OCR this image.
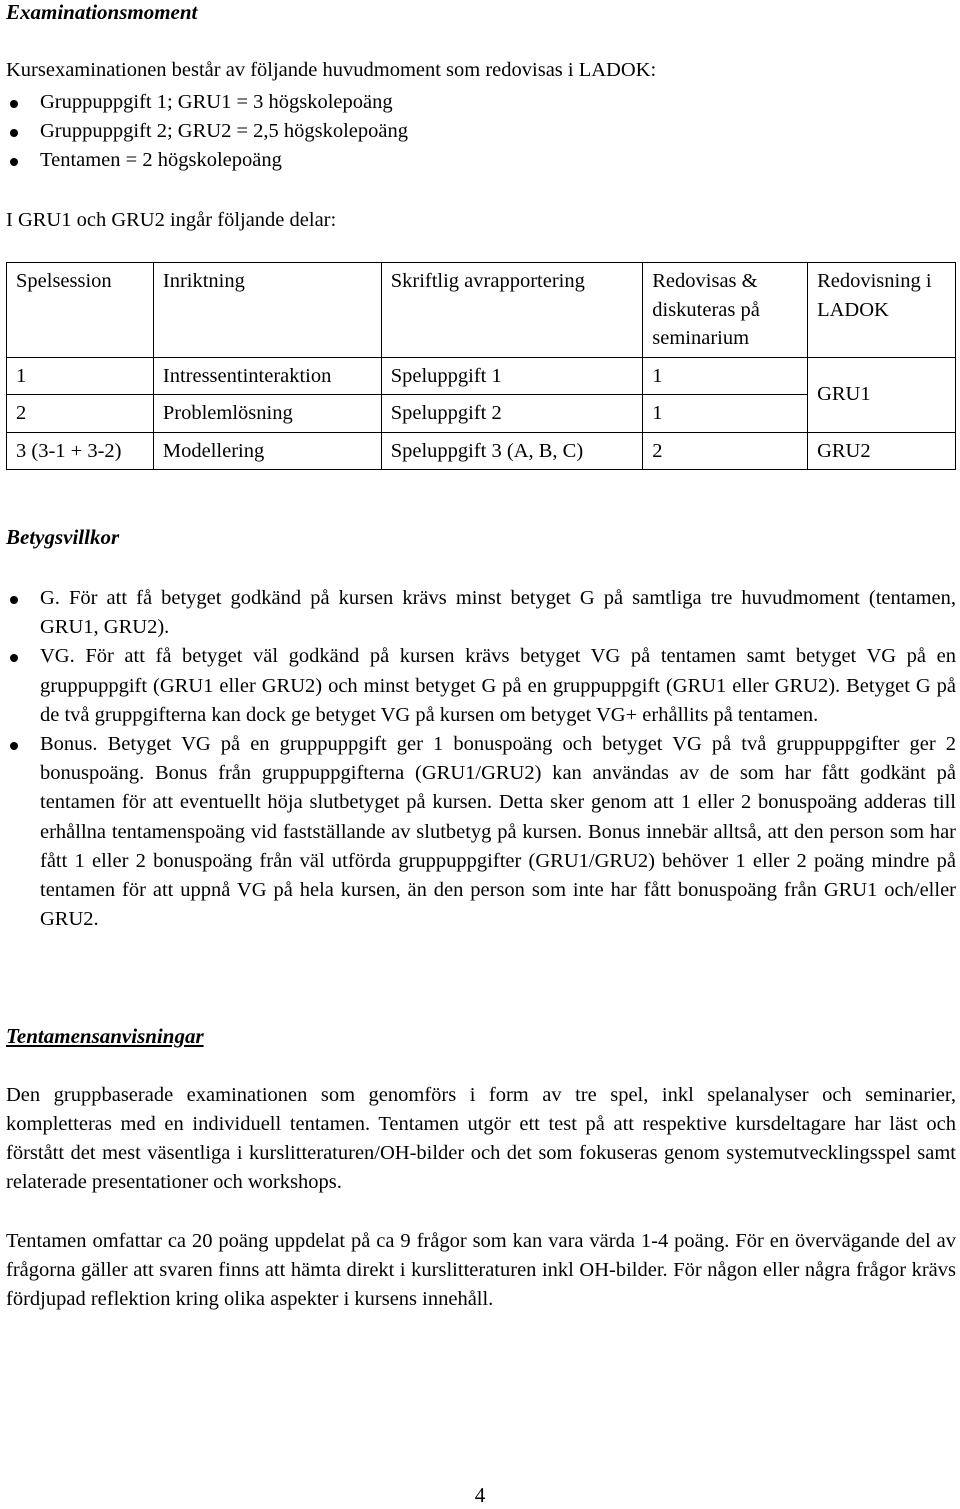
Examinationsmoment
Kursexaminationen består av följande huvudmoment som redovisas i LADOK:
Gruppuppgift 1; GRU1 = 3 högskolepoäng
Gruppuppgift 2; GRU2 = 2,5 högskolepoäng
Tentamen = 2 högskolepoäng
I GRU1 och GRU2 ingår följande delar:
Spelsession	Inriktning	Skriftlig avrapportering	Redovisas & diskuteras på seminarium	Redovisning i LADOK
1	Intressentinteraktion	Speluppgift 1	1	GRU1
2	Problemlösning	Speluppgift 2	1	
3 (3-1 + 3-2)	Modellering	Speluppgift 3 (A, B, C)	2	GRU2
Betygsvillkor
G. För att få betyget godkänd på kursen krävs minst betyget G på samtliga tre huvudmoment (tentamen, GRU1, GRU2).
VG. För att få betyget väl godkänd på kursen krävs betyget VG på tentamen samt betyget VG på en gruppuppgift (GRU1 eller GRU2) och minst betyget G på en gruppuppgift (GRU1 eller GRU2). Betyget G på de två gruppgifterna kan dock ge betyget VG på kursen om betyget VG+ erhållits på tentamen.
Bonus. Betyget VG på en gruppuppgift ger 1 bonuspoäng och betyget VG på två gruppuppgifter ger 2 bonuspoäng. Bonus från gruppuppgifterna (GRU1/GRU2) kan användas av de som har fått godkänt på tentamen för att eventuellt höja slutbetyget på kursen. Detta sker genom att 1 eller 2 bonuspoäng adderas till erhållna tentamenspoäng vid fastställande av slutbetyg på kursen. Bonus innebär alltså, att den person som har fått 1 eller 2 bonuspoäng från väl utförda gruppuppgifter (GRU1/GRU2) behöver 1 eller 2 poäng mindre på tentamen för att uppnå VG på hela kursen, än den person som inte har fått bonuspoäng från GRU1 och/eller GRU2.
Tentamensanvisningar
Den gruppbaserade examinationen som genomförs i form av tre spel, inkl spelanalyser och seminarier, kompletteras med en individuell tentamen. Tentamen utgör ett test på att respektive kursdeltagare har läst och förstått det mest väsentliga i kurslitteraturen/OH-bilder och det som fokuseras genom systemutvecklingsspel samt relaterade presentationer och workshops.
Tentamen omfattar ca 20 poäng uppdelat på ca 9 frågor som kan vara värda 1-4 poäng. För en övervägande del av frågorna gäller att svaren finns att hämta direkt i kurslitteraturen inkl OH-bilder. För någon eller några frågor krävs fördjupad reflektion kring olika aspekter i kursens innehåll.
4
